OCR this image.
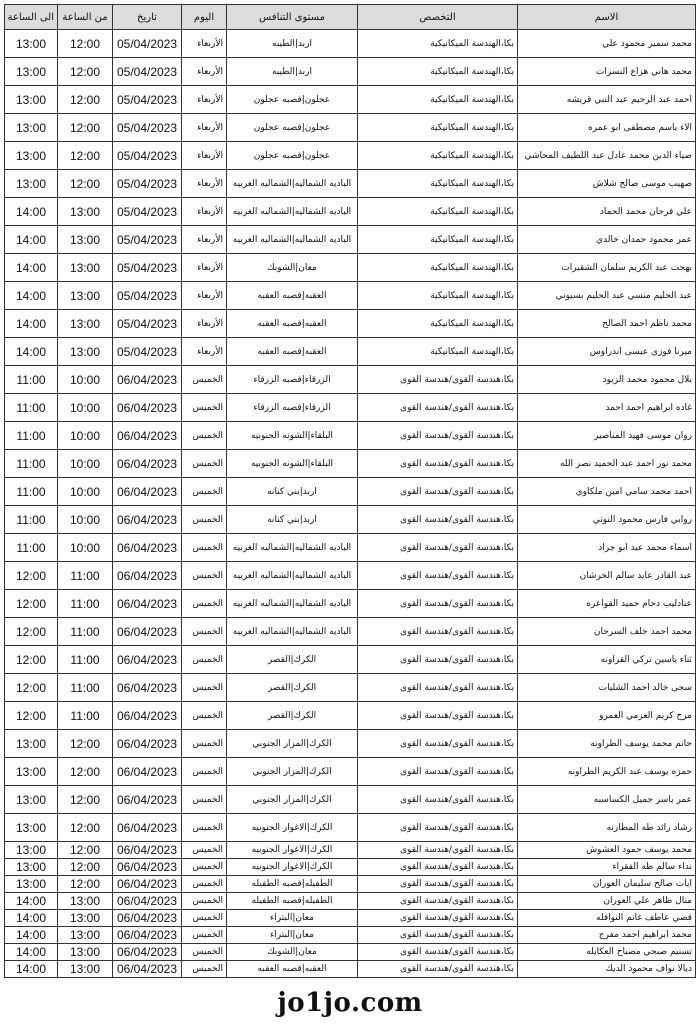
الاسم	التخصص	مستوى التنافس	اليوم	تاريخ	من الساعة	الى الساعة
محمد سمير محمود علي	بكا،الهندسة الميكانيكية	اربد|الطيبه	الأربعاء	05/04/2023	12:00	13:00
محمد هاني هزاع النسرات	بكا،الهندسة الميكانيكية	اربد|الطيبه	الأربعاء	05/04/2023	12:00	13:00
احمد عبد الرحيم عبد النبي قريشه	بكا،الهندسة الميكانيكية	عجلون|قصبه عجلون	الأربعاء	05/04/2023	12:00	13:00
الاء باسم مصطفى ابو عمره	بكا،الهندسة الميكانيكية	عجلون|قصبه عجلون	الأربعاء	05/04/2023	12:00	13:00
ضياء الدين محمد عادل عبد اللطيف المحاشي	بكا،الهندسة الميكانيكية	عجلون|قصبه عجلون	الأربعاء	05/04/2023	12:00	13:00
صهيب موسى صالح شلاش	بكا،الهندسة الميكانيكية	الباديه الشماليه|الشماليه الغربيه	الأربعاء	05/04/2023	12:00	13:00
علي فرحان محمد الحماد	بكا،الهندسة الميكانيكية	الباديه الشماليه|الشماليه الغربيه	الأربعاء	05/04/2023	13:00	14:00
عمر محمود حمدان خالدي	بكا،الهندسة الميكانيكية	الباديه الشماليه|الشماليه الغربيه	الأربعاء	05/04/2023	13:00	14:00
بهجت عبد الكريم سلمان الشقيرات	بكا،الهندسة الميكانيكية	معان|الشوبك	الأربعاء	05/04/2023	13:00	14:00
عبد الحليم منسي عبد الحليم بسيوني	بكا،الهندسة الميكانيكية	العقبه|قصبه العقبه	الأربعاء	05/04/2023	13:00	14:00
محمد ناظم احمد الصالح	بكا،الهندسة الميكانيكية	العقبه|قصبه العقبه	الأربعاء	05/04/2023	13:00	14:00
ميرنا فوزي عيسى اندراوس	بكا،الهندسة الميكانيكية	العقبه|قصبه العقبه	الأربعاء	05/04/2023	13:00	14:00
بلال محمود محمد الزيود	بكا،هندسة القوى/هندسة القوى	الزرقاء|قصبه الزرقاء	الخميس	06/04/2023	10:00	11:00
غاده ابراهيم احمد احمد	بكا،هندسة القوى/هندسة القوى	الزرقاء|قصبه الزرقاء	الخميس	06/04/2023	10:00	11:00
روان موسى فهيد المناصير	بكا،هندسة القوى/هندسة القوى	البلقاء|الشونه الجنوبيه	الخميس	06/04/2023	10:00	11:00
محمد نور احمد عبد الحميد نصر الله	بكا،هندسة القوى/هندسة القوى	البلقاء|الشونه الجنوبيه	الخميس	06/04/2023	10:00	11:00
احمد محمد سامي امين ملكاوي	بكا،هندسة القوى/هندسة القوى	اربد|بني كنانه	الخميس	06/04/2023	10:00	11:00
روابي فارس محمود النوتي	بكا،هندسة القوى/هندسة القوى	اربد|بني كنانه	الخميس	06/04/2023	10:00	11:00
اسماء محمد عبد ابو جراد	بكا،هندسة القوى/هندسة القوى	الباديه الشماليه|الشماليه الغربيه	الخميس	06/04/2023	10:00	11:00
عبد القادر عايد سالم الخرشان	بكا،هندسة القوى/هندسة القوى	الباديه الشماليه|الشماليه الغربيه	الخميس	06/04/2023	11:00	12:00
عنادليب دحام حميد القواعره	بكا،هندسة القوى/هندسة القوى	الباديه الشماليه|الشماليه الغربيه	الخميس	06/04/2023	11:00	12:00
محمد احمد خلف السرحان	بكا،هندسة القوى/هندسة القوى	الباديه الشماليه|الشماليه الغربيه	الخميس	06/04/2023	11:00	12:00
ثناء ياسين تركي القراونه	بكا،هندسة القوى/هندسة القوى	الكرك|القصر	الخميس	06/04/2023	11:00	12:00
سجى خالد احمد الشليات	بكا،هندسة القوى/هندسة القوى	الكرك|القصر	الخميس	06/04/2023	11:00	12:00
مرح كريم العزمي العمرو	بكا،هندسة القوى/هندسة القوى	الكرك|القصر	الخميس	06/04/2023	11:00	12:00
حاتم محمد يوسف الطراونه	بكا،هندسة القوى/هندسة القوى	الكرك|المزار الجنوبي	الخميس	06/04/2023	12:00	13:00
حمزه يوسف عبد الكريم الطراونه	بكا،هندسة القوى/هندسة القوى	الكرك|المزار الجنوبي	الخميس	06/04/2023	12:00	13:00
عمر ياسر جميل الكساسبه	بكا،هندسة القوى/هندسة القوى	الكرك|المزار الجنوبي	الخميس	06/04/2023	12:00	13:00
رشاد رائد طه المطارنه	بكا،هندسة القوى/هندسة القوى	الكرك|الاغوار الجنوبيه	الخميس	06/04/2023	12:00	13:00
محمد يوسف حمود العشوش	بكا،هندسة القوى/هندسة القوى	الكرك|الاغوار الجنوبيه	الخميس	06/04/2023	12:00	13:00
نداء سالم طه الفقراء	بكا،هندسة القوى/هندسة القوى	الكرك|الاغوار الجنوبيه	الخميس	06/04/2023	12:00	13:00
ايات صالح سليمان العوران	بكا،هندسة القوى/هندسة القوى	الطفيله|قصبه الطفيله	الخميس	06/04/2023	12:00	13:00
منال ظاهر علي العوران	بكا،هندسة القوى/هندسة القوى	الطفيله|قصبه الطفيله	الخميس	06/04/2023	13:00	14:00
قصي عاطف غانم النوافله	بكا،هندسة القوى/هندسة القوى	معان|البتراء	الخميس	06/04/2023	13:00	14:00
محمد ابراهيم احمد مفرج	بكا،هندسة القوى/هندسة القوى	معان|البتراء	الخميس	06/04/2023	13:00	14:00
تسنيم صبحي مصباح العكايله	بكا،هندسة القوى/هندسة القوى	معان|الشوبك	الخميس	06/04/2023	13:00	14:00
ديالا نواف محمود الديك	بكا،هندسة القوى/هندسة القوى	العقبه|قصبه العقبه	الخميس	06/04/2023	13:00	14:00
jo1jo.com
